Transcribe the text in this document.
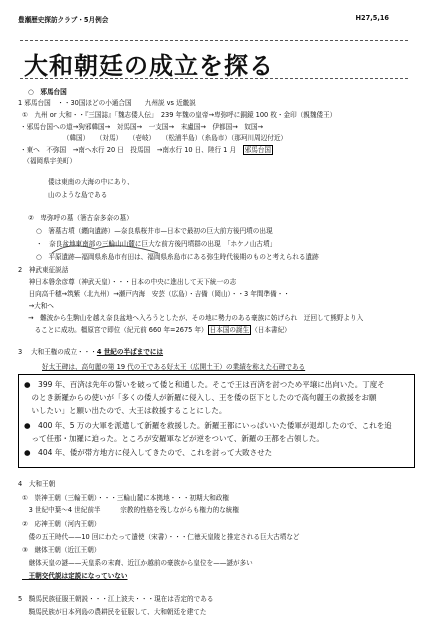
豊瀬歴史探訪クラブ・5月例会	H27,5,16
大和朝廷の成立を探る
○　邪馬台国
1 邪馬台国　・・30国ほどの小通合国　　九州説 vs 近畿説
①　九州 or 大和・・『三国誌』「魏志倭人伝」　239 年魏の皇帝→卑弥呼に銅鏡 100 枚・金印（親魏倭王）
・邪馬台国への道→狗邪韓国→　対馬国→　一支国→　末盧国→　伊都国→　奴国→
　　　　　　　（韓国）　　（対馬）　　（壱岐）　　（松浦半島）（糸島市）（那珂川周辺付近）
・東へ　不弥国　→南へ水行 20 日　投馬国　→南水行 10 日、陸行 1 月　邪馬台国
　（福岡県宇美町）
倭は東南の大海の中にあり、
山のような島である
②　卑弥呼の墓（箸古奈多奈の墓）
○　箸墓古墳（纒向遺跡）—奈良県桜井市—日本で最初の巨大前方後円墳の出現
・　奈良盆地東南部の三輪山山麓に巨大な前方後円墳群の出現　「ホケノ山古墳」
○　平原遺跡—福岡県糸島市有田は、福岡県糸島市にある弥生時代後期のものと考えられる遺跡
2　神武東征説話
　神日本磐余彦尊（神武天皇）・・・日本の中央に進出して天下統一の志
　日向高千穂→筑紫（北九州）→瀬戸内海　安芸（広島）・吉備（岡山）・・3 年間準備・・
　→大和へ
→　難波から生駒山を越え奈良盆地へ入ろうとしたが、その地に勢力のある豪族に妨げられ　迂回して熊野より入
　ることに成功。橿原宮で即位（紀元前 660 年=2675 年） 日本国の誕生 （日本書紀）
3　 大和王権の成立・・・4 世紀の半ばまでには
好太王碑は、高句麗の第 19 代の王である好太王（広開土王）の業績を称えた石碑である
●　399 年、百済は先年の誓いを破って倭と和通した。そこで王は百済を討つため平壌に出向いた。丁度そ
　のとき新羅からの使いが「多くの倭人が新羅に侵入し、王を倭の臣下としたので高句麗王の救援をお願
　いしたい」と願い出たので、大王は救援することにした。
●　400 年、5 万の大軍を派遣して新羅を救援した。新羅王都にいっぱいいた倭軍が退却したので、これを追
　って任那・加羅に迫った。ところが安羅軍などが逆をついて、新羅の王都を占領した。
●　404 年、倭が帯方地方に侵入してきたので、これを討って大敗させた
4　大和王朝
①　崇神王朝（三輪王朝）・・・三輪山麓に本拠地・・・初期大和政権
　3 世紀中葉〜4 世紀前半　　　宗教的性格を残しながらも権力的な統権
②　応神王朝（河内王朝）
　倭の五王時代——10 回にわたって遣使（宋書）・・・仁徳天皇陵と推定される巨大古墳など
③　継体王朝（近江王朝）
　継体天皇の謎——天皇系の末裔、近江か越前の豪族から皇位を——謎が多い
　王朝交代説は定説になっていない
5　騎馬民族征服王朝説・・・江上波夫・・・現在は否定的である
　騎馬民族が日本列島の農耕民を征服して、大和朝廷を建てた
